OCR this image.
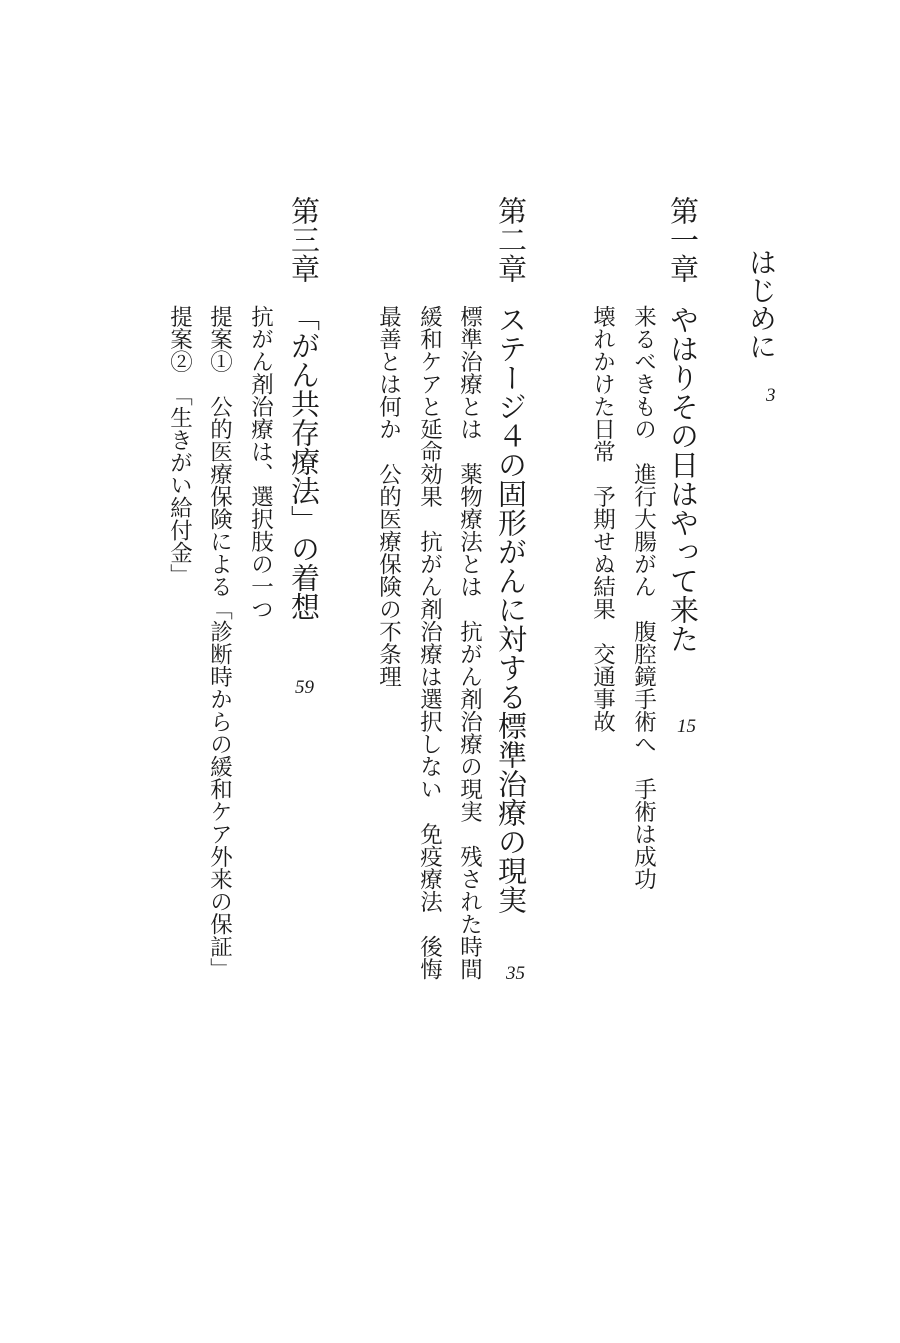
はじめに
3
第一章
やはりその日はやって来た
15
来るべきもの　進行大腸がん　腹腔鏡手術へ　手術は成功
壊れかけた日常　予期せぬ結果　交通事故
第二章
ステージ４の固形がんに対する標準治療の現実
35
標準治療とは　薬物療法とは　抗がん剤治療の現実　残された時間
緩和ケアと延命効果　抗がん剤治療は選択しない　免疫療法　後悔
最善とは何か　公的医療保険の不条理
第三章
「がん共存療法」の着想
59
抗がん剤治療は、選択肢の一つ
提案①　公的医療保険による「診断時からの緩和ケア外来の保証」
提案②　「生きがい給付金」
